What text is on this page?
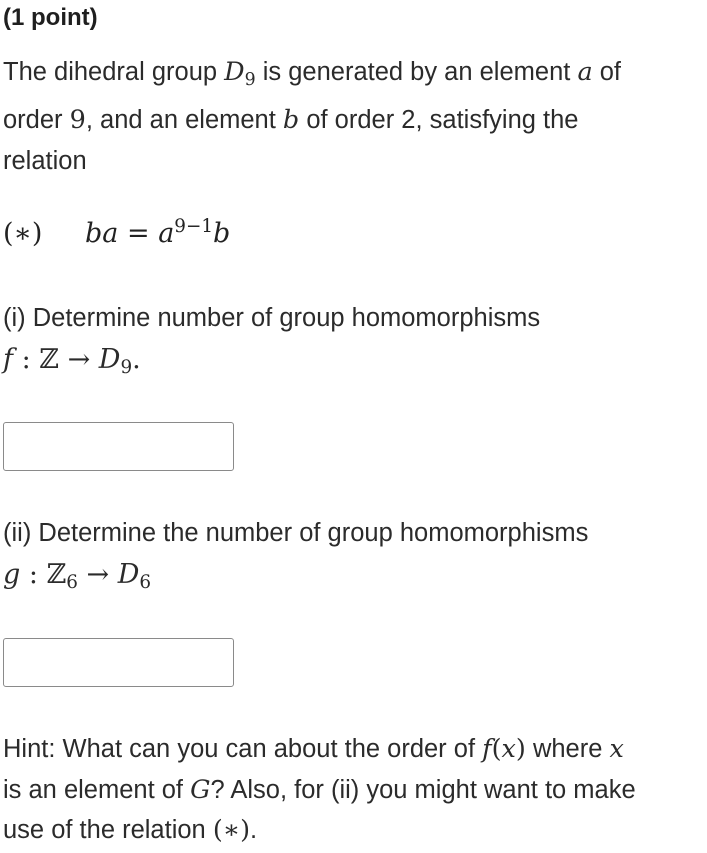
(1 point)
The dihedral group $D_9$ is generated by an element a of
order 9, and an element b of order 2, satisfying the
relation
(∗) ba = $a^{9-1}b$
(i) Determine number of group homomorphisms
f : ℤ → $D_9$.
(ii) Determine the number of group homomorphisms
g : ℤ$_6$ → $D_6$
Hint: What can you can about the order of f(x) where x
is an element of G? Also, for (ii) you might want to make
use of the relation (∗).
